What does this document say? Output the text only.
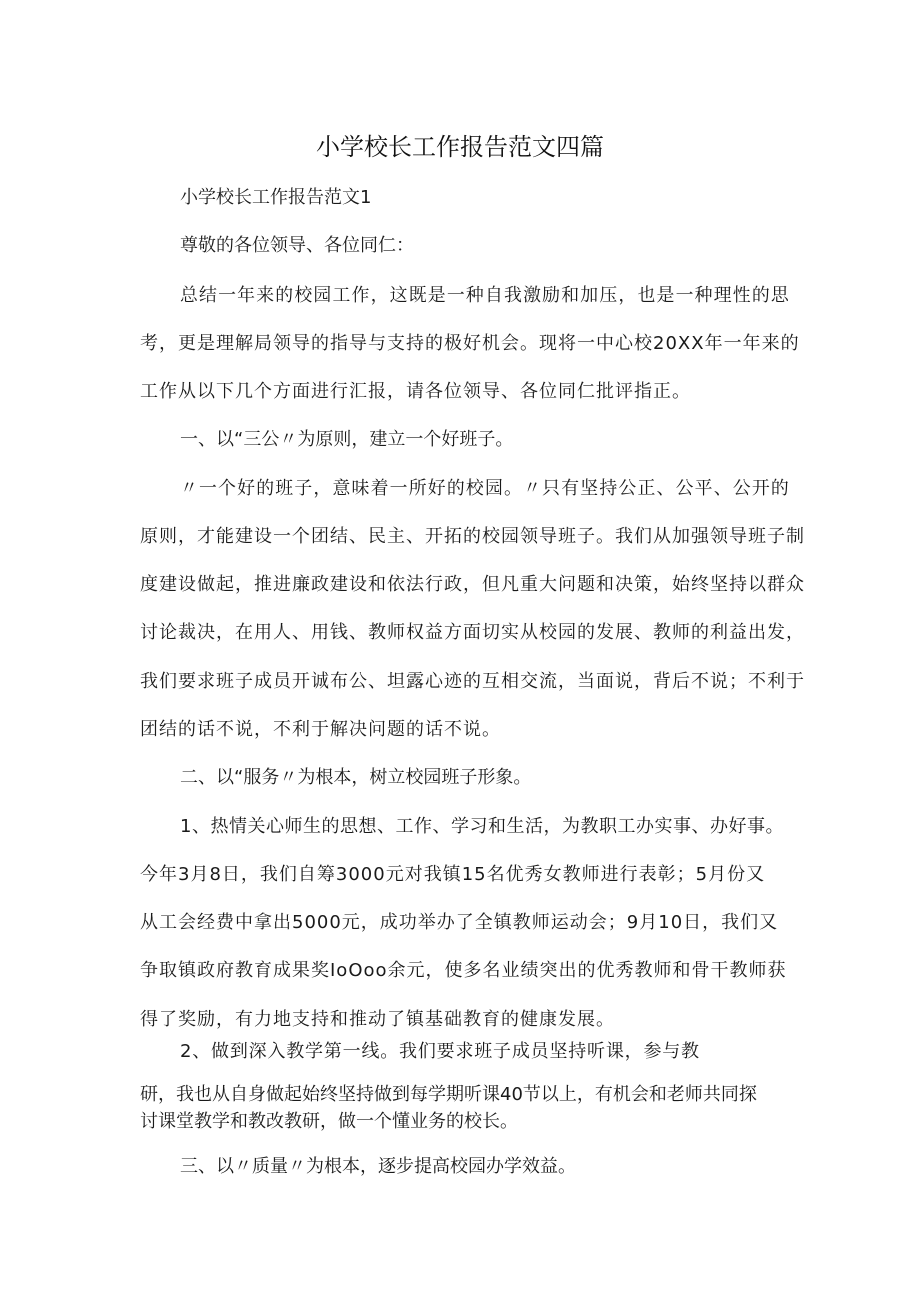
小学校长工作报告范文四篇
小学校长工作报告范文1
尊敬的各位领导、各位同仁：
总结一年来的校园工作，这既是一种自我激励和加压，也是一种理性的思
考，更是理解局领导的指导与支持的极好机会。现将一中心校20XX年一年来的
工作从以下几个方面进行汇报，请各位领导、各位同仁批评指正。
一、以“三公〃为原则，建立一个好班子。
〃一个好的班子，意味着一所好的校园。〃只有坚持公正、公平、公开的
原则，才能建设一个团结、民主、开拓的校园领导班子。我们从加强领导班子制
度建设做起，推进廉政建设和依法行政，但凡重大问题和决策，始终坚持以群众
讨论裁决，在用人、用钱、教师权益方面切实从校园的发展、教师的利益出发，
我们要求班子成员开诚布公、坦露心迹的互相交流，当面说，背后不说；不利于
团结的话不说，不利于解决问题的话不说。
二、以“服务〃为根本，树立校园班子形象。
1、热情关心师生的思想、工作、学习和生活，为教职工办实事、办好事。
今年3月8日，我们自筹3000元对我镇15名优秀女教师进行表彰；5月份又
从工会经费中拿出5000元，成功举办了全镇教师运动会；9月10日，我们又
争取镇政府教育成果奖IoOoo余元，使多名业绩突出的优秀教师和骨干教师获
得了奖励，有力地支持和推动了镇基础教育的健康发展。
2、做到深入教学第一线。我们要求班子成员坚持听课，参与教
研，我也从自身做起始终坚持做到每学期听课40节以上，有机会和老师共同探
讨课堂教学和教改教研，做一个懂业务的校长。
三、以〃质量〃为根本，逐步提高校园办学效益。
